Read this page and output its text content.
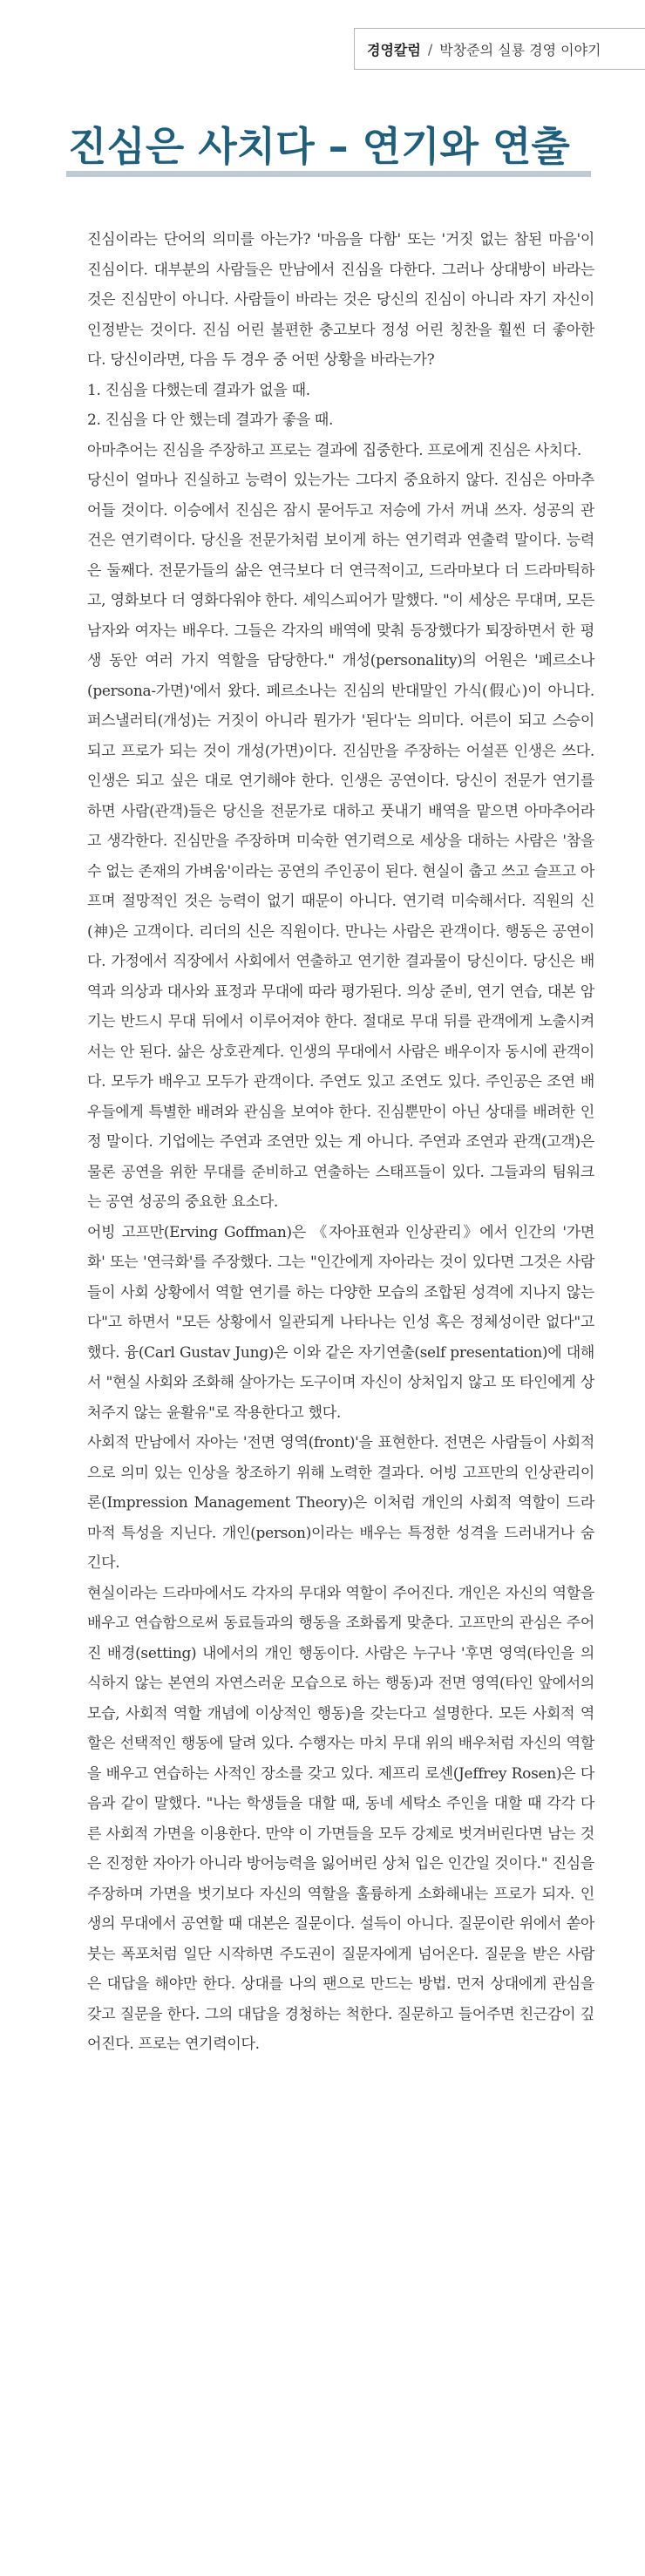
경영칼럼 / 박창준의 실룡 경영 이야기
진심은 사치다 – 연기와 연출

진심이라는 단어의 의미를 아는가? '마음을 다함' 또는 '거짓 없는 참된 마음'이 진심이다. 대부분의 사람들은 만남에서 진심을 다한다. 그러나 상대방이 바라는 것은 진심만이 아니다. 사람들이 바라는 것은 당신의 진심이 아니라 자기 자신이 인정받는 것이다. 진심 어린 불편한 충고보다 정성 어린 칭찬을 훨씬 더 좋아한다. 당신이라면, 다음 두 경우 중 어떤 상황을 바라는가?

1. 진심을 다했는데 결과가 없을 때.

2. 진심을 다 안 했는데 결과가 좋을 때.

아마추어는 진심을 주장하고 프로는 결과에 집중한다. 프로에게 진심은 사치다.

당신이 얼마나 진실하고 능력이 있는가는 그다지 중요하지 않다. 진심은 아마추어들 것이다. 이승에서 진심은 잠시 묻어두고 저승에 가서 꺼내 쓰자. 성공의 관건은 연기력이다. 당신을 전문가처럼 보이게 하는 연기력과 연출력 말이다. 능력은 둘째다. 전문가들의 삶은 연극보다 더 연극적이고, 드라마보다 더 드라마틱하고, 영화보다 더 영화다워야 한다. 셰익스피어가 말했다. "이 세상은 무대며, 모든 남자와 여자는 배우다. 그들은 각자의 배역에 맞춰 등장했다가 퇴장하면서 한 평생 동안 여러 가지 역할을 담당한다." 개성(personality)의 어원은 '페르소나(persona-가면)'에서 왔다. 페르소나는 진심의 반대말인 가식(假心)이 아니다. 퍼스낼러티(개성)는 거짓이 아니라 뭔가가 '된다'는 의미다. 어른이 되고 스승이 되고 프로가 되는 것이 개성(가면)이다. 진심만을 주장하는 어설픈 인생은 쓰다. 인생은 되고 싶은 대로 연기해야 한다. 인생은 공연이다. 당신이 전문가 연기를 하면 사람(관객)들은 당신을 전문가로 대하고 풋내기 배역을 맡으면 아마추어라고 생각한다. 진심만을 주장하며 미숙한 연기력으로 세상을 대하는 사람은 '참을 수 없는 존재의 가벼움'이라는 공연의 주인공이 된다. 현실이 춥고 쓰고 슬프고 아프며 절망적인 것은 능력이 없기 때문이 아니다. 연기력 미숙해서다. 직원의 신(神)은 고객이다. 리더의 신은 직원이다. 만나는 사람은 관객이다. 행동은 공연이다. 가정에서 직장에서 사회에서 연출하고 연기한 결과물이 당신이다. 당신은 배역과 의상과 대사와 표정과 무대에 따라 평가된다. 의상 준비, 연기 연습, 대본 암기는 반드시 무대 뒤에서 이루어져야 한다. 절대로 무대 뒤를 관객에게 노출시켜서는 안 된다. 삶은 상호관계다. 인생의 무대에서 사람은 배우이자 동시에 관객이다. 모두가 배우고 모두가 관객이다. 주연도 있고 조연도 있다. 주인공은 조연 배우들에게 특별한 배려와 관심을 보여야 한다. 진심뿐만이 아닌 상대를 배려한 인정 말이다. 기업에는 주연과 조연만 있는 게 아니다. 주연과 조연과 관객(고객)은 물론 공연을 위한 무대를 준비하고 연출하는 스태프들이 있다. 그들과의 팀워크는 공연 성공의 중요한 요소다.

어빙 고프만(Erving Goffman)은 《자아표현과 인상관리》에서 인간의 '가면화' 또는 '연극화'를 주장했다. 그는 "인간에게 자아라는 것이 있다면 그것은 사람들이 사회 상황에서 역할 연기를 하는 다양한 모습의 조합된 성격에 지나지 않는다"고 하면서 "모든 상황에서 일관되게 나타나는 인성 혹은 정체성이란 없다"고 했다. 융(Carl Gustav Jung)은 이와 같은 자기연출(self presentation)에 대해서 "현실 사회와 조화해 살아가는 도구이며 자신이 상처입지 않고 또 타인에게 상처주지 않는 윤활유"로 작용한다고 했다.

사회적 만남에서 자아는 '전면 영역(front)'을 표현한다. 전면은 사람들이 사회적으로 의미 있는 인상을 창조하기 위해 노력한 결과다. 어빙 고프만의 인상관리이론(Impression Management Theory)은 이처럼 개인의 사회적 역할이 드라마적 특성을 지닌다. 개인(person)이라는 배우는 특정한 성격을 드러내거나 숨긴다.

현실이라는 드라마에서도 각자의 무대와 역할이 주어진다. 개인은 자신의 역할을 배우고 연습함으로써 동료들과의 행동을 조화롭게 맞춘다. 고프만의 관심은 주어진 배경(setting) 내에서의 개인 행동이다. 사람은 누구나 '후면 영역(타인을 의식하지 않는 본연의 자연스러운 모습으로 하는 행동)과 전면 영역(타인 앞에서의 모습, 사회적 역할 개념에 이상적인 행동)을 갖는다고 설명한다. 모든 사회적 역할은 선택적인 행동에 달려 있다. 수행자는 마치 무대 위의 배우처럼 자신의 역할을 배우고 연습하는 사적인 장소를 갖고 있다. 제프리 로센(Jeffrey Rosen)은 다음과 같이 말했다. "나는 학생들을 대할 때, 동네 세탁소 주인을 대할 때 각각 다른 사회적 가면을 이용한다. 만약 이 가면들을 모두 강제로 벗겨버린다면 남는 것은 진정한 자아가 아니라 방어능력을 잃어버린 상처 입은 인간일 것이다." 진심을 주장하며 가면을 벗기보다 자신의 역할을 훌륭하게 소화해내는 프로가 되자. 인생의 무대에서 공연할 때 대본은 질문이다. 설득이 아니다. 질문이란 위에서 쏟아붓는 폭포처럼 일단 시작하면 주도권이 질문자에게 넘어온다. 질문을 받은 사람은 대답을 해야만 한다. 상대를 나의 팬으로 만드는 방법. 먼저 상대에게 관심을 갖고 질문을 한다. 그의 대답을 경청하는 척한다. 질문하고 들어주면 친근감이 깊어진다. 프로는 연기력이다.
